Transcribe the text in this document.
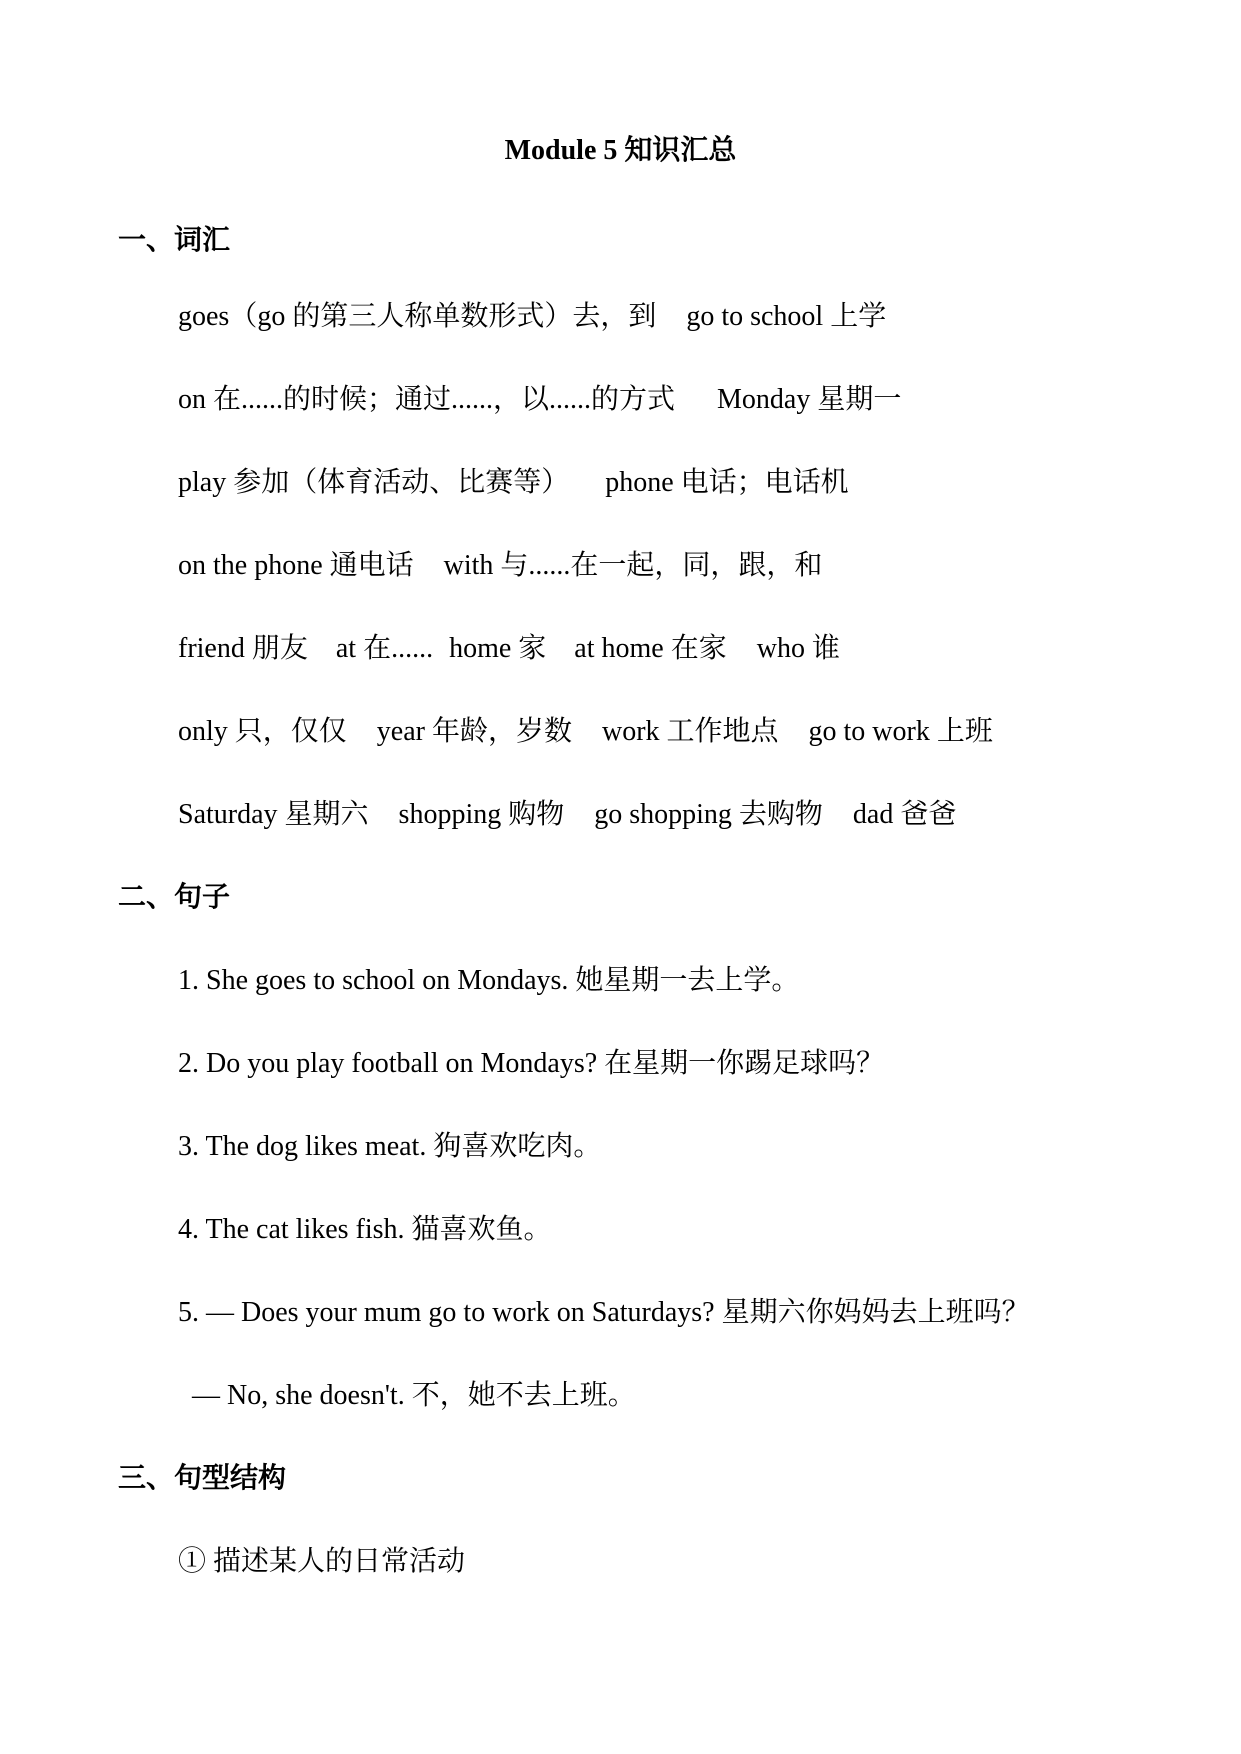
Module 5 知识汇总
一、词汇
goes（go 的第三人称单数形式）去，到 go to school 上学
on 在......的时候；通过......，以......的方式 Monday 星期一
play 参加（体育活动、比赛等） phone 电话；电话机
on the phone 通电话 with 与......在一起，同，跟，和
friend 朋友 at 在...... home 家 at home 在家 who 谁
only 只，仅仅 year 年龄，岁数 work 工作地点 go to work 上班
Saturday 星期六 shopping 购物 go shopping 去购物 dad 爸爸
二、句子
1. She goes to school on Mondays. 她星期一去上学。
2. Do you play football on Mondays? 在星期一你踢足球吗？
3. The dog likes meat. 狗喜欢吃肉。
4. The cat likes fish. 猫喜欢鱼。
5. — Does your mum go to work on Saturdays? 星期六你妈妈去上班吗？
— No, she doesn't. 不，她不去上班。
三、句型结构
① 描述某人的日常活动
